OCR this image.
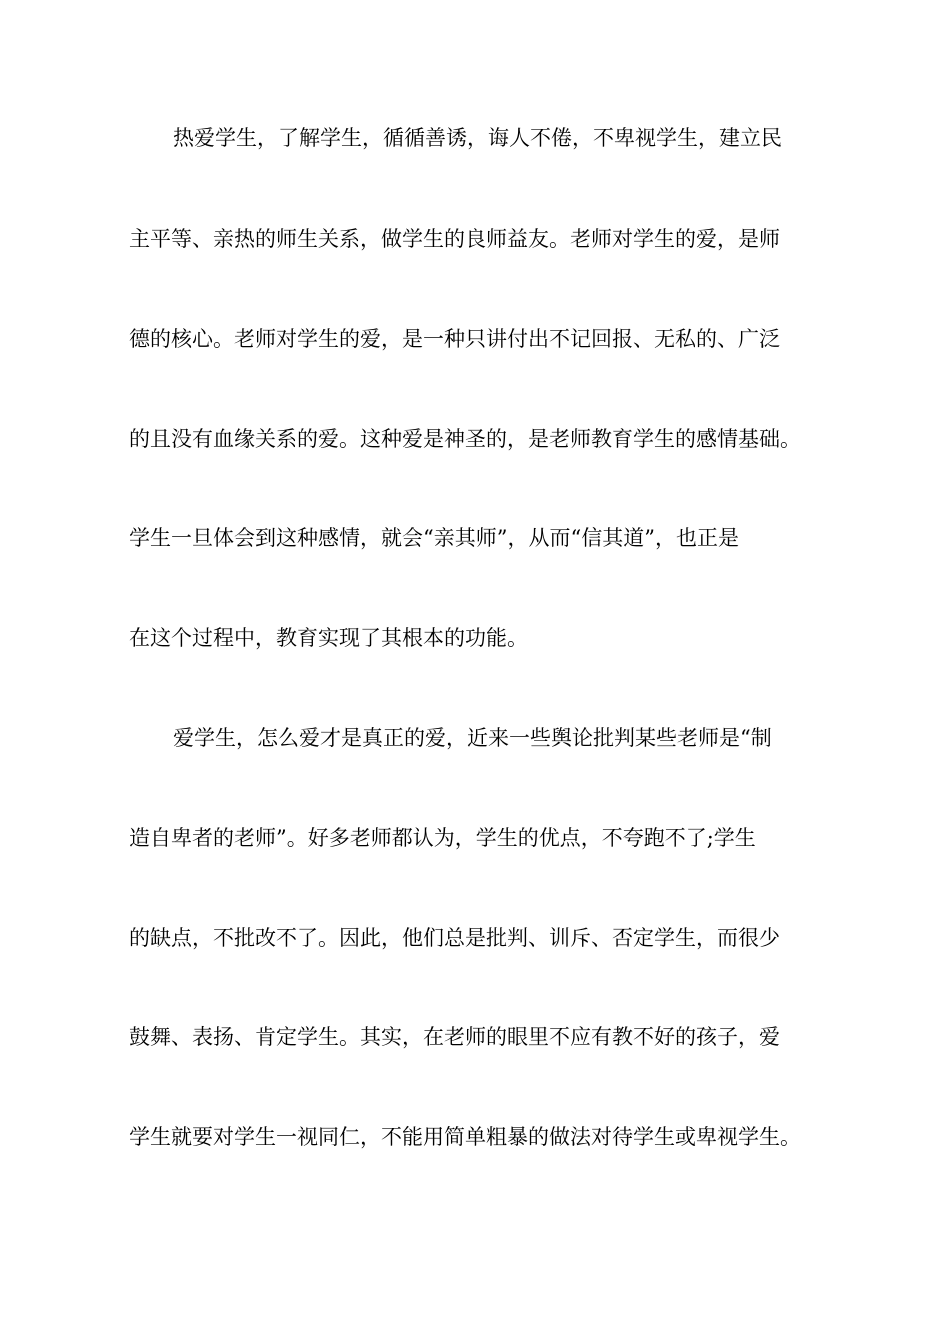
热爱学生，了解学生，循循善诱，诲人不倦，不卑视学生，建立民

主平等、亲热的师生关系，做学生的良师益友。老师对学生的爱，是师

德的核心。老师对学生的爱，是一种只讲付出不记回报、无私的、广泛

的且没有血缘关系的爱。这种爱是神圣的，是老师教育学生的感情基础。

学生一旦体会到这种感情，就会“亲其师”，从而“信其道”，也正是

在这个过程中，教育实现了其根本的功能。

爱学生，怎么爱才是真正的爱，近来一些舆论批判某些老师是“制

造自卑者的老师”。好多老师都认为，学生的优点，不夸跑不了;学生

的缺点，不批改不了。因此，他们总是批判、训斥、否定学生，而很少

鼓舞、表扬、肯定学生。其实，在老师的眼里不应有教不好的孩子，爱

学生就要对学生一视同仁，不能用简单粗暴的做法对待学生或卑视学生。
